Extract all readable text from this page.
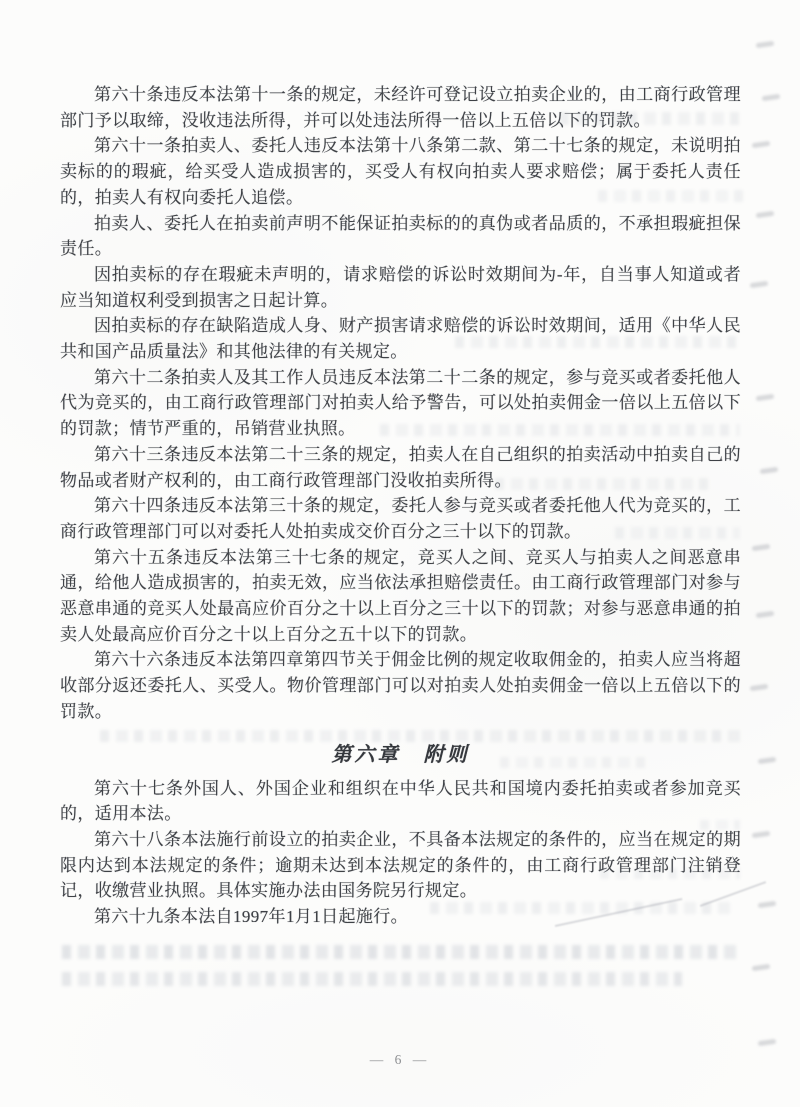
第六十条违反本法第十一条的规定，未经许可登记设立拍卖企业的，由工商行政管理部门予以取缔，没收违法所得，并可以处违法所得一倍以上五倍以下的罚款。

第六十一条拍卖人、委托人违反本法第十八条第二款、第二十七条的规定，未说明拍卖标的的瑕疵，给买受人造成损害的，买受人有权向拍卖人要求赔偿；属于委托人责任的，拍卖人有权向委托人追偿。

拍卖人、委托人在拍卖前声明不能保证拍卖标的的真伪或者品质的，不承担瑕疵担保责任。

因拍卖标的存在瑕疵未声明的，请求赔偿的诉讼时效期间为-年，自当事人知道或者应当知道权利受到损害之日起计算。

因拍卖标的存在缺陷造成人身、财产损害请求赔偿的诉讼时效期间，适用《中华人民共和国产品质量法》和其他法律的有关规定。

第六十二条拍卖人及其工作人员违反本法第二十二条的规定，参与竞买或者委托他人代为竞买的，由工商行政管理部门对拍卖人给予警告，可以处拍卖佣金一倍以上五倍以下的罚款；情节严重的，吊销营业执照。

第六十三条违反本法第二十三条的规定，拍卖人在自己组织的拍卖活动中拍卖自己的物品或者财产权利的，由工商行政管理部门没收拍卖所得。

第六十四条违反本法第三十条的规定，委托人参与竞买或者委托他人代为竞买的，工商行政管理部门可以对委托人处拍卖成交价百分之三十以下的罚款。

第六十五条违反本法第三十七条的规定，竞买人之间、竞买人与拍卖人之间恶意串通，给他人造成损害的，拍卖无效，应当依法承担赔偿责任。由工商行政管理部门对参与恶意串通的竞买人处最高应价百分之十以上百分之三十以下的罚款；对参与恶意串通的拍卖人处最高应价百分之十以上百分之五十以下的罚款。

第六十六条违反本法第四章第四节关于佣金比例的规定收取佣金的，拍卖人应当将超收部分返还委托人、买受人。物价管理部门可以对拍卖人处拍卖佣金一倍以上五倍以下的罚款。

第六章　附则

第六十七条外国人、外国企业和组织在中华人民共和国境内委托拍卖或者参加竞买的，适用本法。

第六十八条本法施行前设立的拍卖企业，不具备本法规定的条件的，应当在规定的期限内达到本法规定的条件；逾期未达到本法规定的条件的，由工商行政管理部门注销登记，收缴营业执照。具体实施办法由国务院另行规定。

第六十九条本法自1997年1月1日起施行。

— 6 —
